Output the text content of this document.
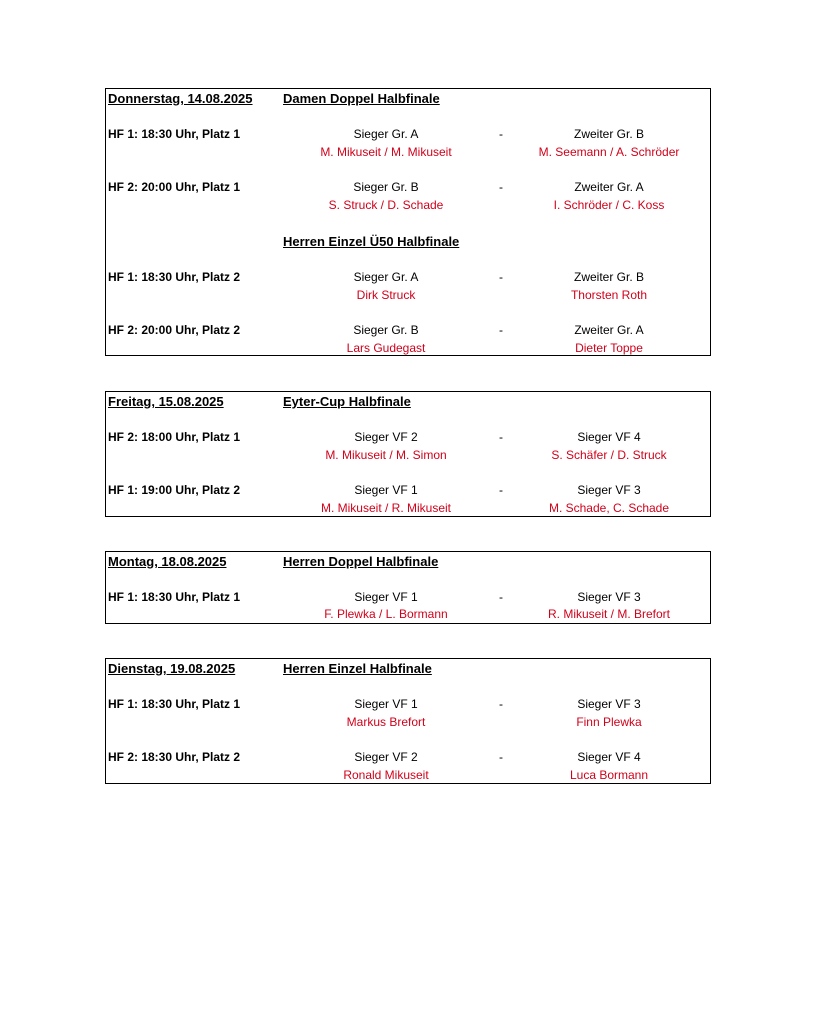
Donnerstag, 14.08.2025 Damen Doppel Halbfinale
HF 1: 18:30 Uhr, Platz 1	Sieger Gr. A	-	Zweiter Gr. B
M. Mikuseit / M. Mikuseit	M. Seemann / A. Schröder
HF 2: 20:00 Uhr, Platz 1	Sieger Gr. B	-	Zweiter Gr. A
S. Struck / D. Schade	I. Schröder / C. Koss
Herren Einzel Ü50 Halbfinale
HF 1: 18:30 Uhr, Platz 2	Sieger Gr. A	-	Zweiter Gr. B
Dirk Struck	Thorsten Roth
HF 2: 20:00 Uhr, Platz 2	Sieger Gr. B	-	Zweiter Gr. A
Lars Gudegast	Dieter Toppe
Freitag, 15.08.2025	Eyter-Cup Halbfinale
HF 2: 18:00 Uhr, Platz 1	Sieger VF 2	-	Sieger VF 4
M. Mikuseit / M. Simon	S. Schäfer / D. Struck
HF 1: 19:00 Uhr, Platz 2	Sieger VF 1	-	Sieger VF 3
M. Mikuseit / R. Mikuseit	M. Schade, C. Schade
Montag, 18.08.2025	Herren Doppel Halbfinale
HF 1: 18:30 Uhr, Platz 1	Sieger VF 1	-	Sieger VF 3
F. Plewka / L. Bormann	R. Mikuseit / M. Brefort
Dienstag, 19.08.2025	Herren Einzel Halbfinale
HF 1: 18:30 Uhr, Platz 1	Sieger VF 1	-	Sieger VF 3
Markus Brefort	Finn Plewka
HF 2: 18:30 Uhr, Platz 2	Sieger VF 2	-	Sieger VF 4
Ronald Mikuseit	Luca Bormann
